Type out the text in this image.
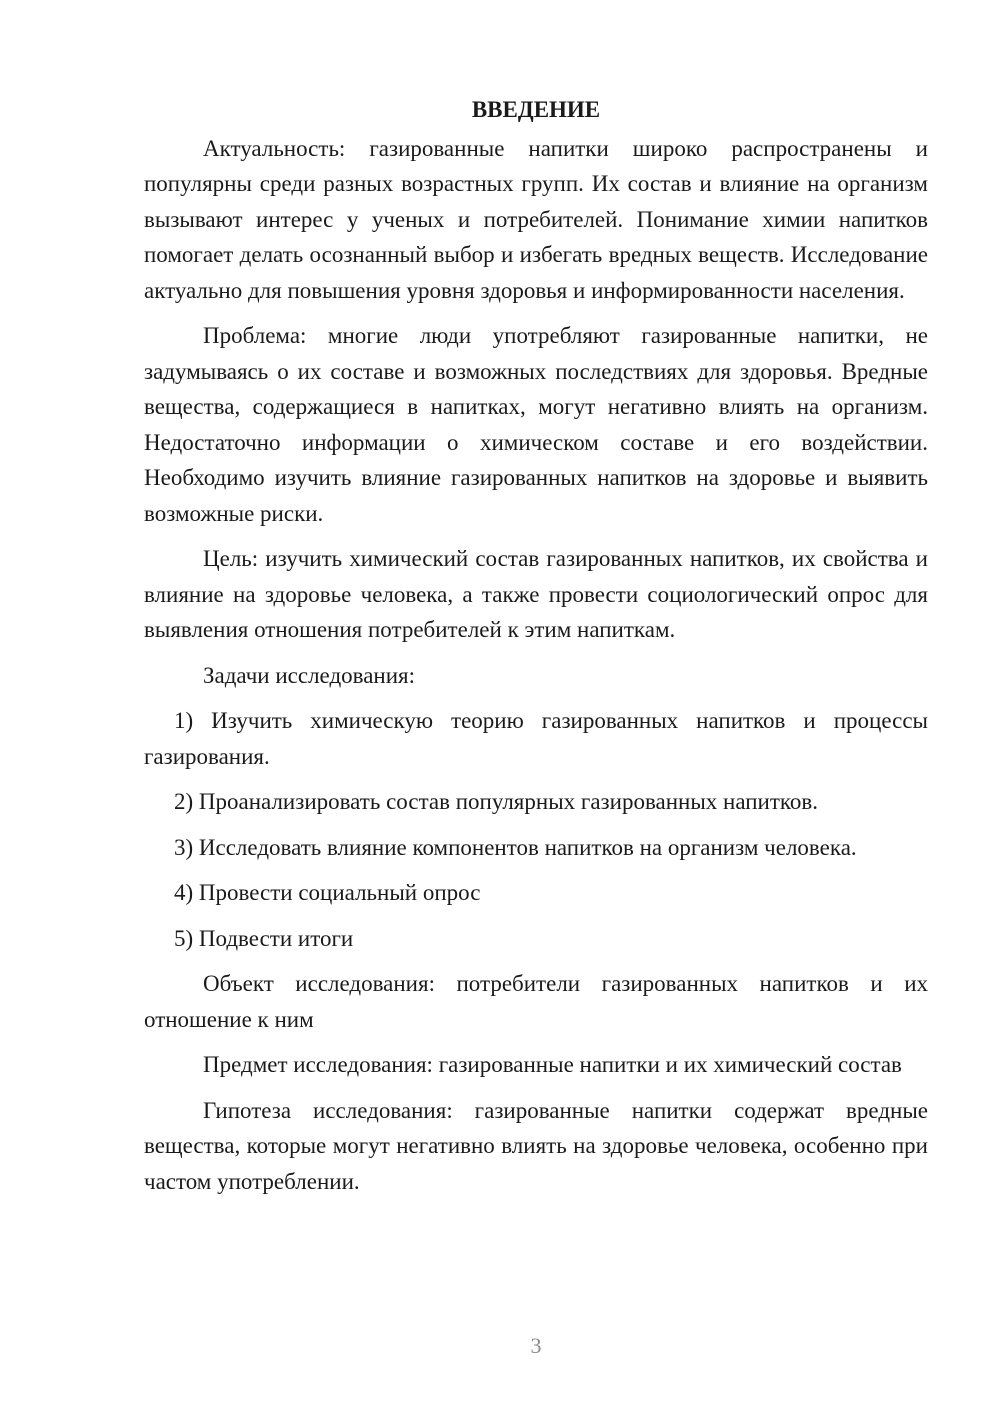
ВВЕДЕНИЕ

Актуальность: газированные напитки широко распространены и популярны среди разных возрастных групп. Их состав и влияние на организм вызывают интерес у ученых и потребителей. Понимание химии напитков помогает делать осознанный выбор и избегать вредных веществ. Исследование актуально для повышения уровня здоровья и информированности населения.

Проблема: многие люди употребляют газированные напитки, не задумываясь о их составе и возможных последствиях для здоровья. Вредные вещества, содержащиеся в напитках, могут негативно влиять на организм. Недостаточно информации о химическом составе и его воздействии. Необходимо изучить влияние газированных напитков на здоровье и выявить возможные риски.

Цель: изучить химический состав газированных напитков, их свойства и влияние на здоровье человека, а также провести социологический опрос для выявления отношения потребителей к этим напиткам.

Задачи исследования:

1) Изучить химическую теорию газированных напитков и процессы газирования.

2) Проанализировать состав популярных газированных напитков.

3) Исследовать влияние компонентов напитков на организм человека.

4) Провести социальный опрос

5) Подвести итоги

Объект исследования: потребители газированных напитков и их отношение к ним

Предмет исследования: газированные напитки и их химический состав

Гипотеза исследования: газированные напитки содержат вредные вещества, которые могут негативно влиять на здоровье человека, особенно при частом употреблении.

3
